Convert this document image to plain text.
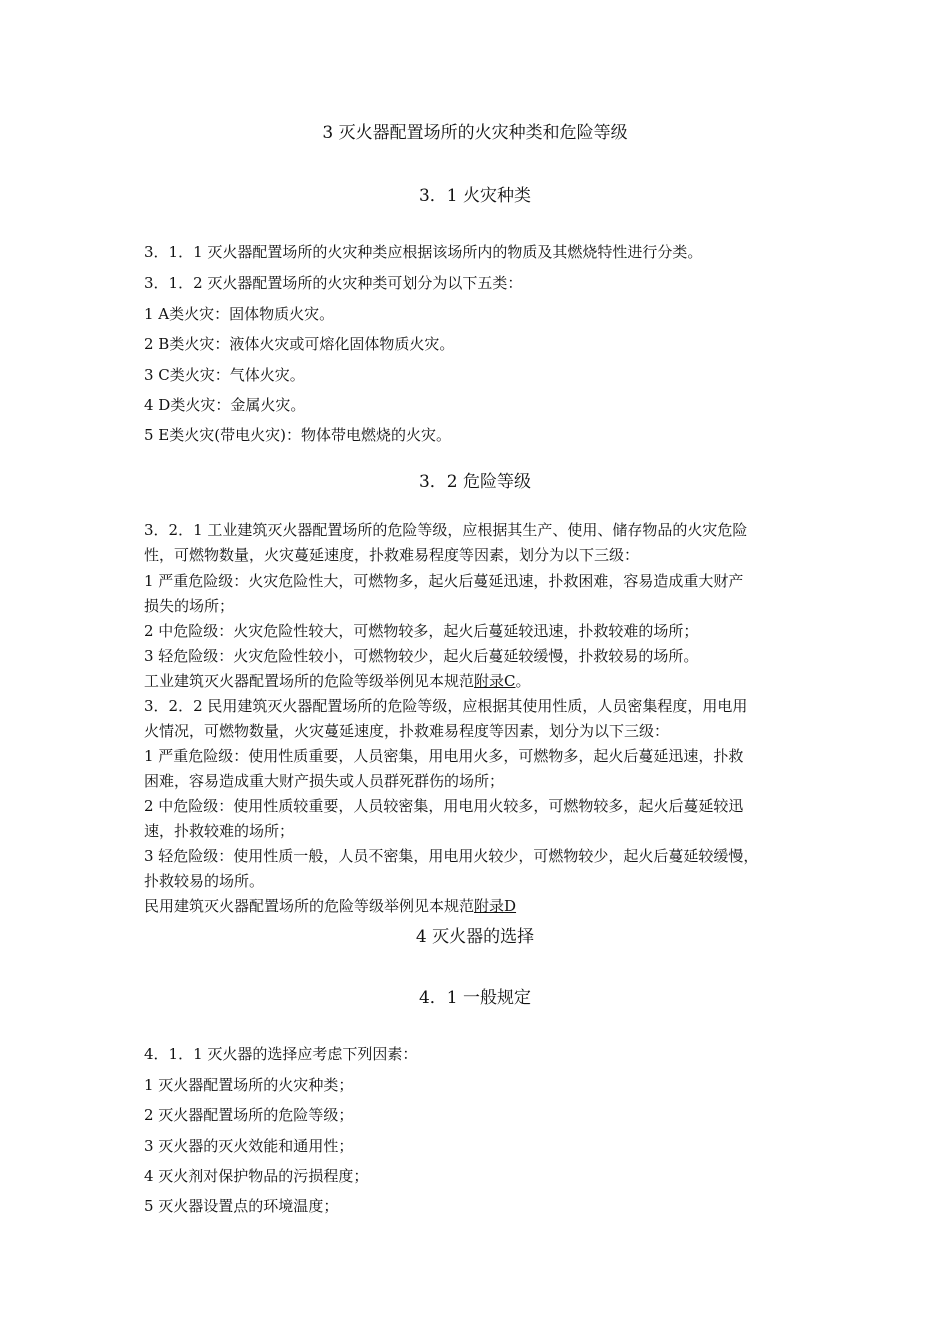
3 灭火器配置场所的火灾种类和危险等级
3．1 火灾种类
3．1．1 灭火器配置场所的火灾种类应根据该场所内的物质及其燃烧特性进行分类。
3．1．2 灭火器配置场所的火灾种类可划分为以下五类：
1 A类火灾：固体物质火灾。
2 B类火灾：液体火灾或可熔化固体物质火灾。
3 C类火灾：气体火灾。
4 D类火灾：金属火灾。
5 E类火灾(带电火灾)：物体带电燃烧的火灾。
3．2 危险等级
3．2．1 工业建筑灭火器配置场所的危险等级，应根据其生产、使用、储存物品的火灾危险
性，可燃物数量，火灾蔓延速度，扑救难易程度等因素，划分为以下三级：
1 严重危险级：火灾危险性大，可燃物多，起火后蔓延迅速，扑救困难，容易造成重大财产
损失的场所；
2 中危险级：火灾危险性较大，可燃物较多，起火后蔓延较迅速，扑救较难的场所；
3 轻危险级：火灾危险性较小，可燃物较少，起火后蔓延较缓慢，扑救较易的场所。
工业建筑灭火器配置场所的危险等级举例见本规范附录C。
3．2．2 民用建筑灭火器配置场所的危险等级，应根据其使用性质，人员密集程度，用电用
火情况，可燃物数量，火灾蔓延速度，扑救难易程度等因素，划分为以下三级：
1 严重危险级：使用性质重要，人员密集，用电用火多，可燃物多，起火后蔓延迅速，扑救
困难，容易造成重大财产损失或人员群死群伤的场所；
2 中危险级：使用性质较重要，人员较密集，用电用火较多，可燃物较多，起火后蔓延较迅
速，扑救较难的场所；
3 轻危险级：使用性质一般，人员不密集，用电用火较少，可燃物较少，起火后蔓延较缓慢，
扑救较易的场所。
民用建筑灭火器配置场所的危险等级举例见本规范附录D
4 灭火器的选择
4．1 一般规定
4．1．1 灭火器的选择应考虑下列因素：
1 灭火器配置场所的火灾种类；
2 灭火器配置场所的危险等级；
3 灭火器的灭火效能和通用性；
4 灭火剂对保护物品的污损程度；
5 灭火器设置点的环境温度；
